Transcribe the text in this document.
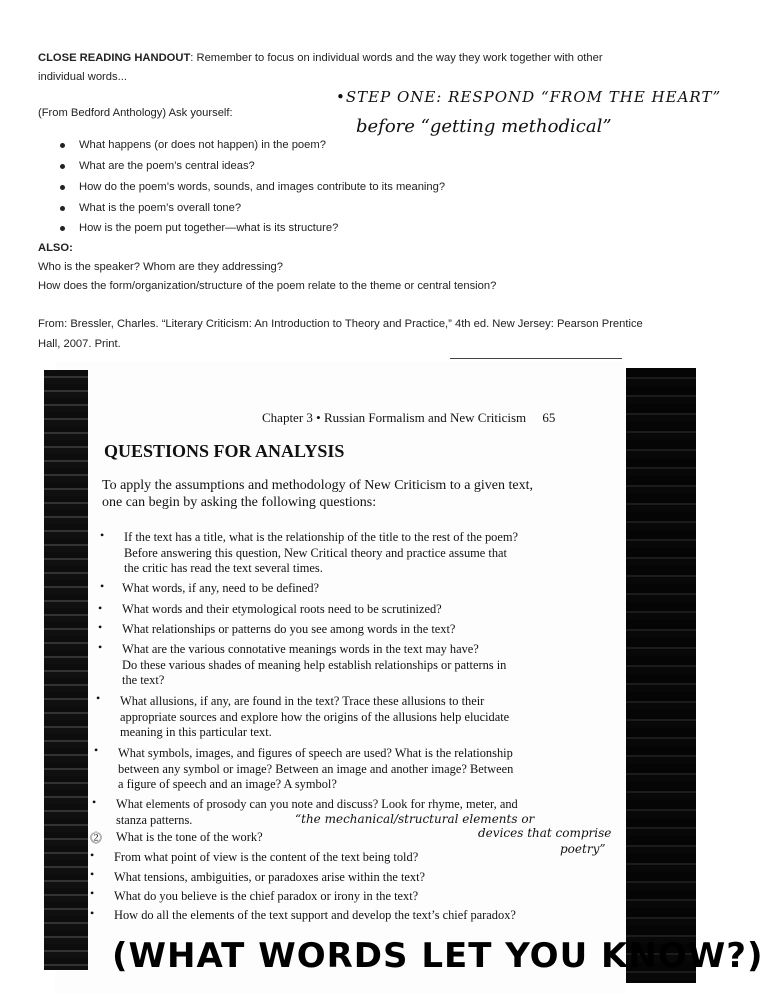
CLOSE READING HANDOUT: Remember to focus on individual words and the way they work together with other
individual words...
(From Bedford Anthology) Ask yourself:
What happens (or does not happen) in the poem?
What are the poem’s central ideas?
How do the poem’s words, sounds, and images contribute to its meaning?
What is the poem’s overall tone?
How is the poem put together—what is its structure?
ALSO:
Who is the speaker? Whom are they addressing?
How does the form/organization/structure of the poem relate to the theme or central tension?
From: Bressler, Charles. “Literary Criticism: An Introduction to Theory and Practice,” 4th ed. New Jersey: Pearson Prentice
Hall, 2007. Print.
•STEP ONE: RESPOND “FROM THE HEART”
before “getting methodical”
Chapter 3 • Russian Formalism and New Criticism 65
QUESTIONS FOR ANALYSIS
To apply the assumptions and methodology of New Criticism to a given text,
one can begin by asking the following questions:
• If the text has a title, what is the relationship of the title to the rest of the poem?
Before answering this question, New Critical theory and practice assume that
the critic has read the text several times.
• What words, if any, need to be defined?
• What words and their etymological roots need to be scrutinized?
• What relationships or patterns do you see among words in the text?
• What are the various connotative meanings words in the text may have?
Do these various shades of meaning help establish relationships or patterns in
the text?
• What allusions, if any, are found in the text? Trace these allusions to their
appropriate sources and explore how the origins of the allusions help elucidate
meaning in this particular text.
• What symbols, images, and figures of speech are used? What is the relationship
between any symbol or image? Between an image and another image? Between
a figure of speech and an image? A symbol?
• What elements of prosody can you note and discuss? Look for rhyme, meter, and
stanza patterns.
⓶ What is the tone of the work?
• From what point of view is the content of the text being told?
• What tensions, ambiguities, or paradoxes arise within the text?
• What do you believe is the chief paradox or irony in the text?
• How do all the elements of the text support and develop the text’s chief paradox?
“the mechanical/structural elements or
devices that comprise
poetry”
(WHAT WORDS LET YOU KNOW?)
